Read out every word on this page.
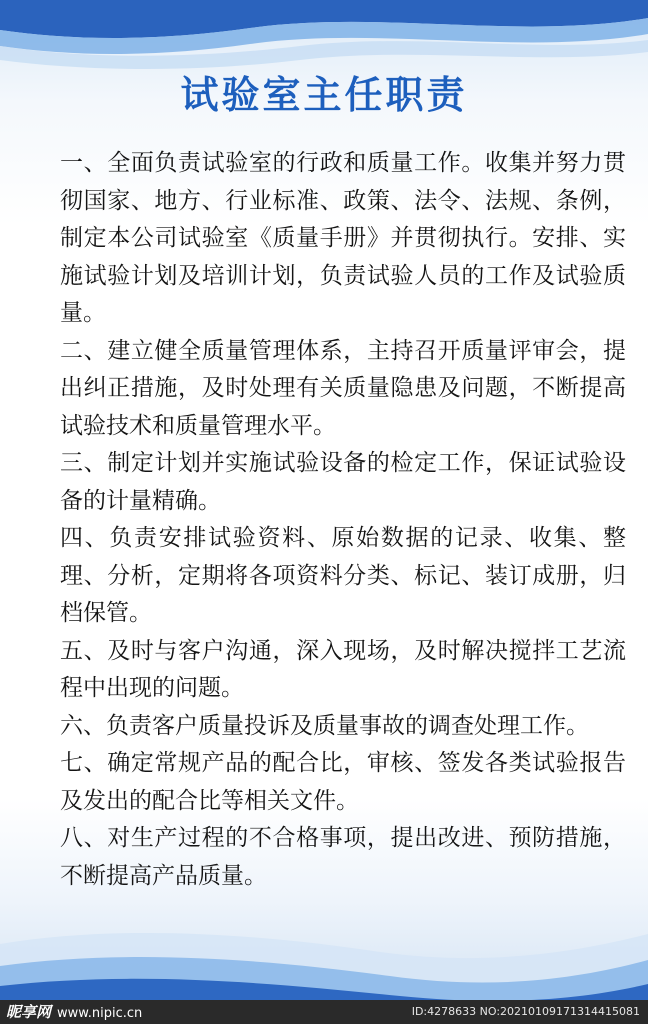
试验室主任职责

一、全面负责试验室的行政和质量工作。收集并努力贯彻国家、地方、行业标准、政策、法令、法规、条例，制定本公司试验室《质量手册》并贯彻执行。安排、实施试验计划及培训计划，负责试验人员的工作及试验质量。

二、建立健全质量管理体系，主持召开质量评审会，提出纠正措施，及时处理有关质量隐患及问题，不断提高试验技术和质量管理水平。

三、制定计划并实施试验设备的检定工作，保证试验设备的计量精确。

四、负责安排试验资料、原始数据的记录、收集、整理、分析，定期将各项资料分类、标记、装订成册，归档保管。

五、及时与客户沟通，深入现场，及时解决搅拌工艺流程中出现的问题。

六、负责客户质量投诉及质量事故的调查处理工作。

七、确定常规产品的配合比，审核、签发各类试验报告及发出的配合比等相关文件。

八、对生产过程的不合格事项，提出改进、预防措施，不断提高产品质量。

昵享网 www.nipic.cn	ID:4278633 NO:20210109171314415081
